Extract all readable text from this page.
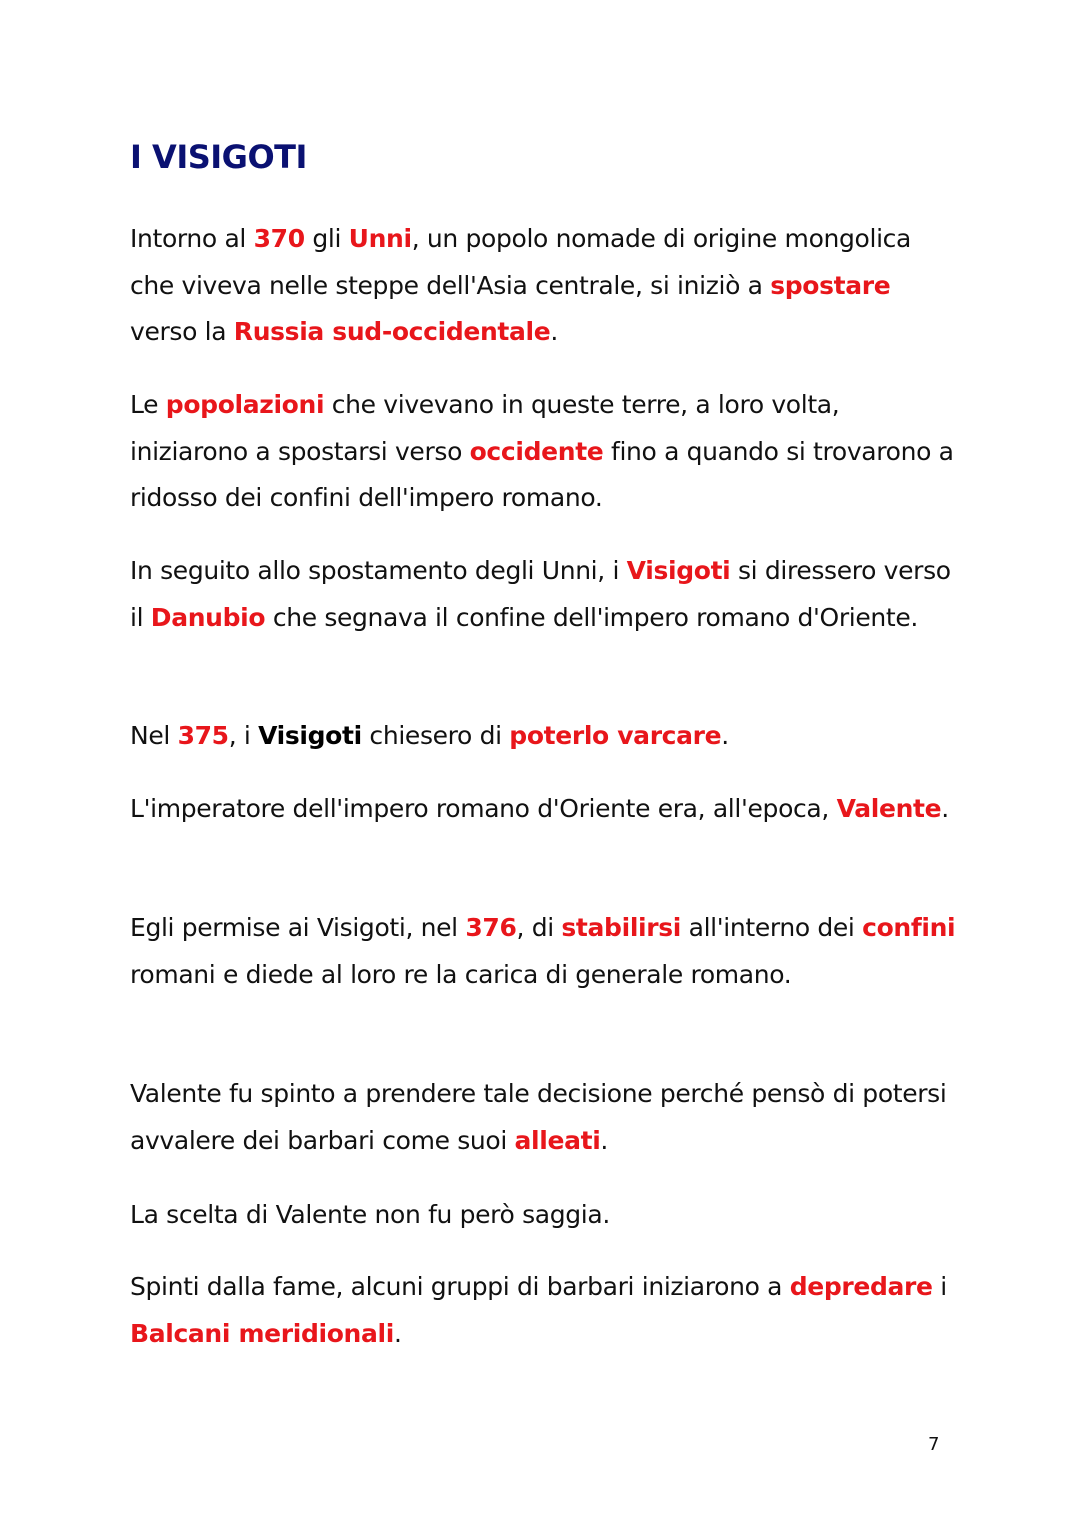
I VISIGOTI

Intorno al 370 gli Unni, un popolo nomade di origine mongolica che viveva nelle steppe dell'Asia centrale, si iniziò a spostare verso la Russia sud-occidentale.

Le popolazioni che vivevano in queste terre, a loro volta, iniziarono a spostarsi verso occidente fino a quando si trovarono a ridosso dei confini dell'impero romano.

In seguito allo spostamento degli Unni, i Visigoti si diressero verso il Danubio che segnava il confine dell'impero romano d'Oriente.

Nel 375, i Visigoti chiesero di poterlo varcare.

L'imperatore dell'impero romano d'Oriente era, all'epoca, Valente.

Egli permise ai Visigoti, nel 376, di stabilirsi all'interno dei confini romani e diede al loro re la carica di generale romano.

Valente fu spinto a prendere tale decisione perché pensò di potersi avvalere dei barbari come suoi alleati.

La scelta di Valente non fu però saggia.

Spinti dalla fame, alcuni gruppi di barbari iniziarono a depredare i Balcani meridionali.

7
